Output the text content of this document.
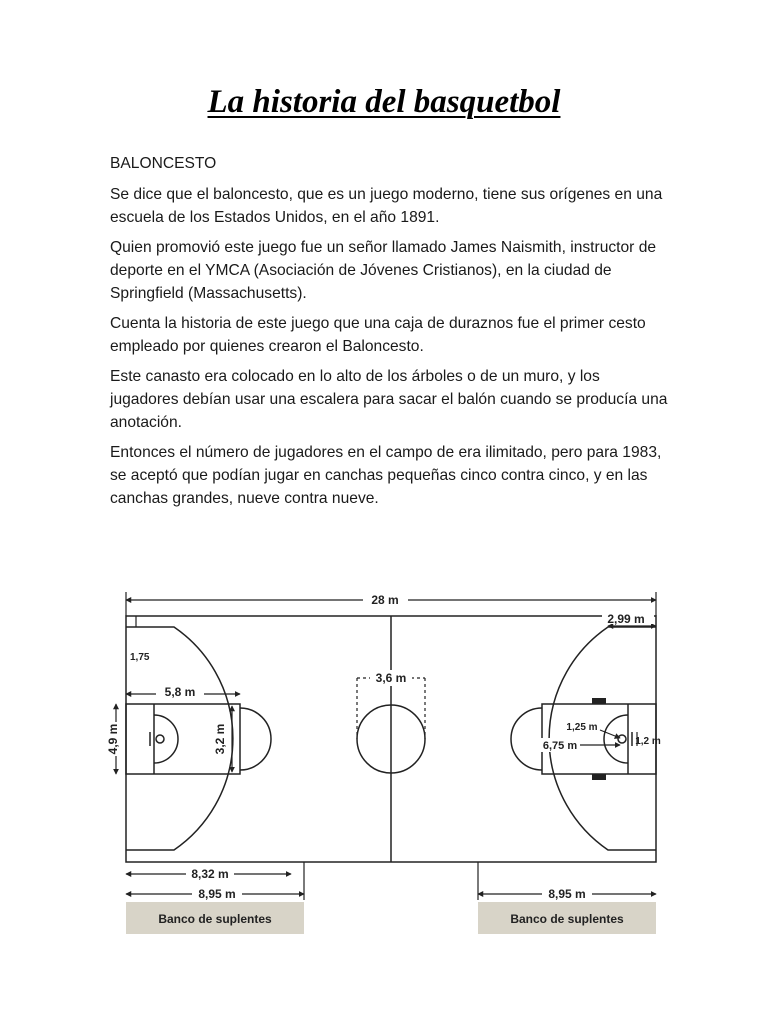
La historia del basquetbol

BALONCESTO

Se dice que el baloncesto, que es un juego moderno, tiene sus orígenes en una escuela de los Estados Unidos, en el año 1891.

Quien promovió este juego fue un señor llamado James Naismith, instructor de deporte en el YMCA (Asociación de Jóvenes Cristianos), en la ciudad de Springfield (Massachusetts).

Cuenta la historia de este juego que una caja de duraznos fue el primer cesto empleado por quienes crearon el Baloncesto.

Este canasto era colocado en lo alto de los árboles o de un muro, y los jugadores debían usar una escalera para sacar el balón cuando se producía una anotación.

Entonces el número de jugadores en el campo de era ilimitado, pero para 1983, se aceptó que podían jugar en canchas pequeñas cinco contra cinco, y en las canchas grandes, nueve contra nueve.

28 m
2,99 m
1,75
5,8 m
3,2 m
4,9 m
3,6 m
1,25 m
6,75 m	1,2 m
8,32 m
8,95 m	8,95 m
Banco de suplentes	Banco de suplentes
